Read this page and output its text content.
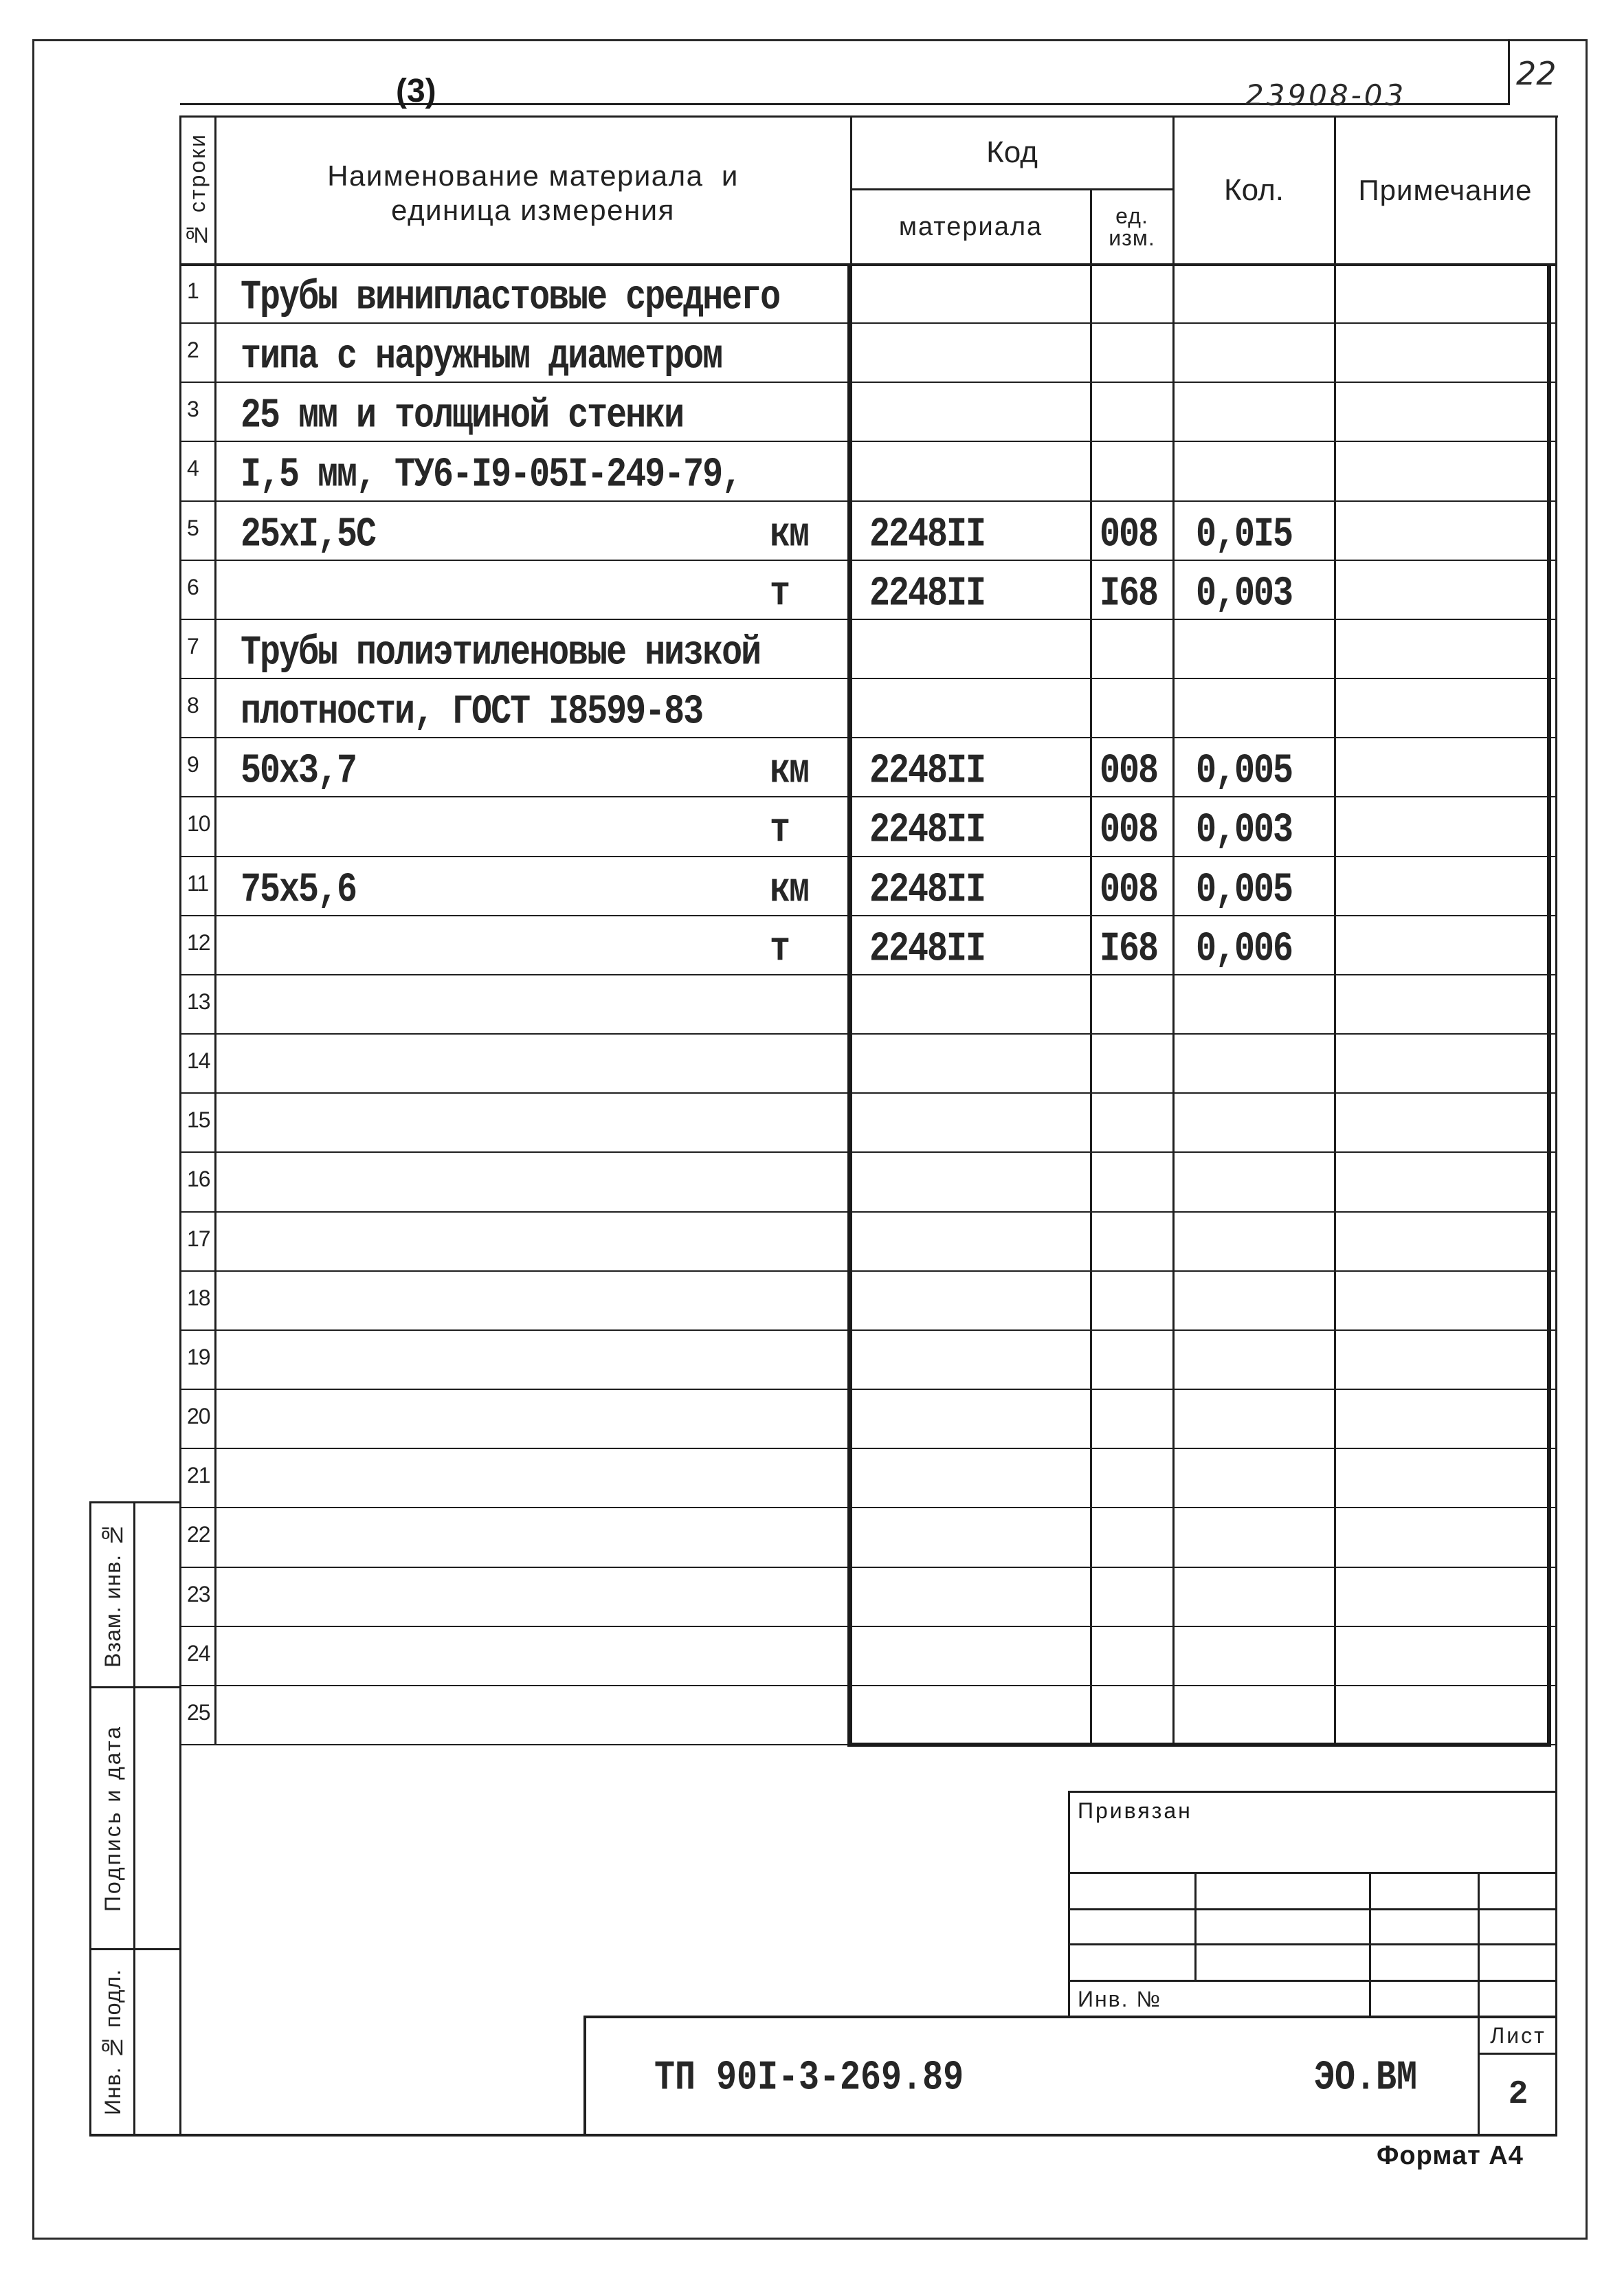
(3)	23908-03
22
№ строки	Наименование материала  и
единица измерения
Код
материала	ед.
изм.
Кол.	Примечание
1 Трубы винипластовые среднего
2 типа с наружным диаметром
3 25 мм и толщиной стенки
4 I,5 мм, ТУ6-I9-05I-249-79,
5 25хI,5С	км 2248II	008 0,0I5
6	т 2248II	I68 0,003
7 Трубы полиэтиленовые низкой
8 плотности, ГОСТ I8599-83
9 50х3,7	км 2248II	008 0,005
10	т 2248II	008 0,003
11 75х5,6	км 2248II	008 0,005
12	т 2248II	I68 0,006
13
14
15
16
17
18
19
20
21
22
23
24
25
Взам. инв. №
Подпись и дата
Инв. № подл.
Привязан
Инв. №
ТП 90I-3-269.89	ЭО.ВМ
Лист
2
Формат А4
